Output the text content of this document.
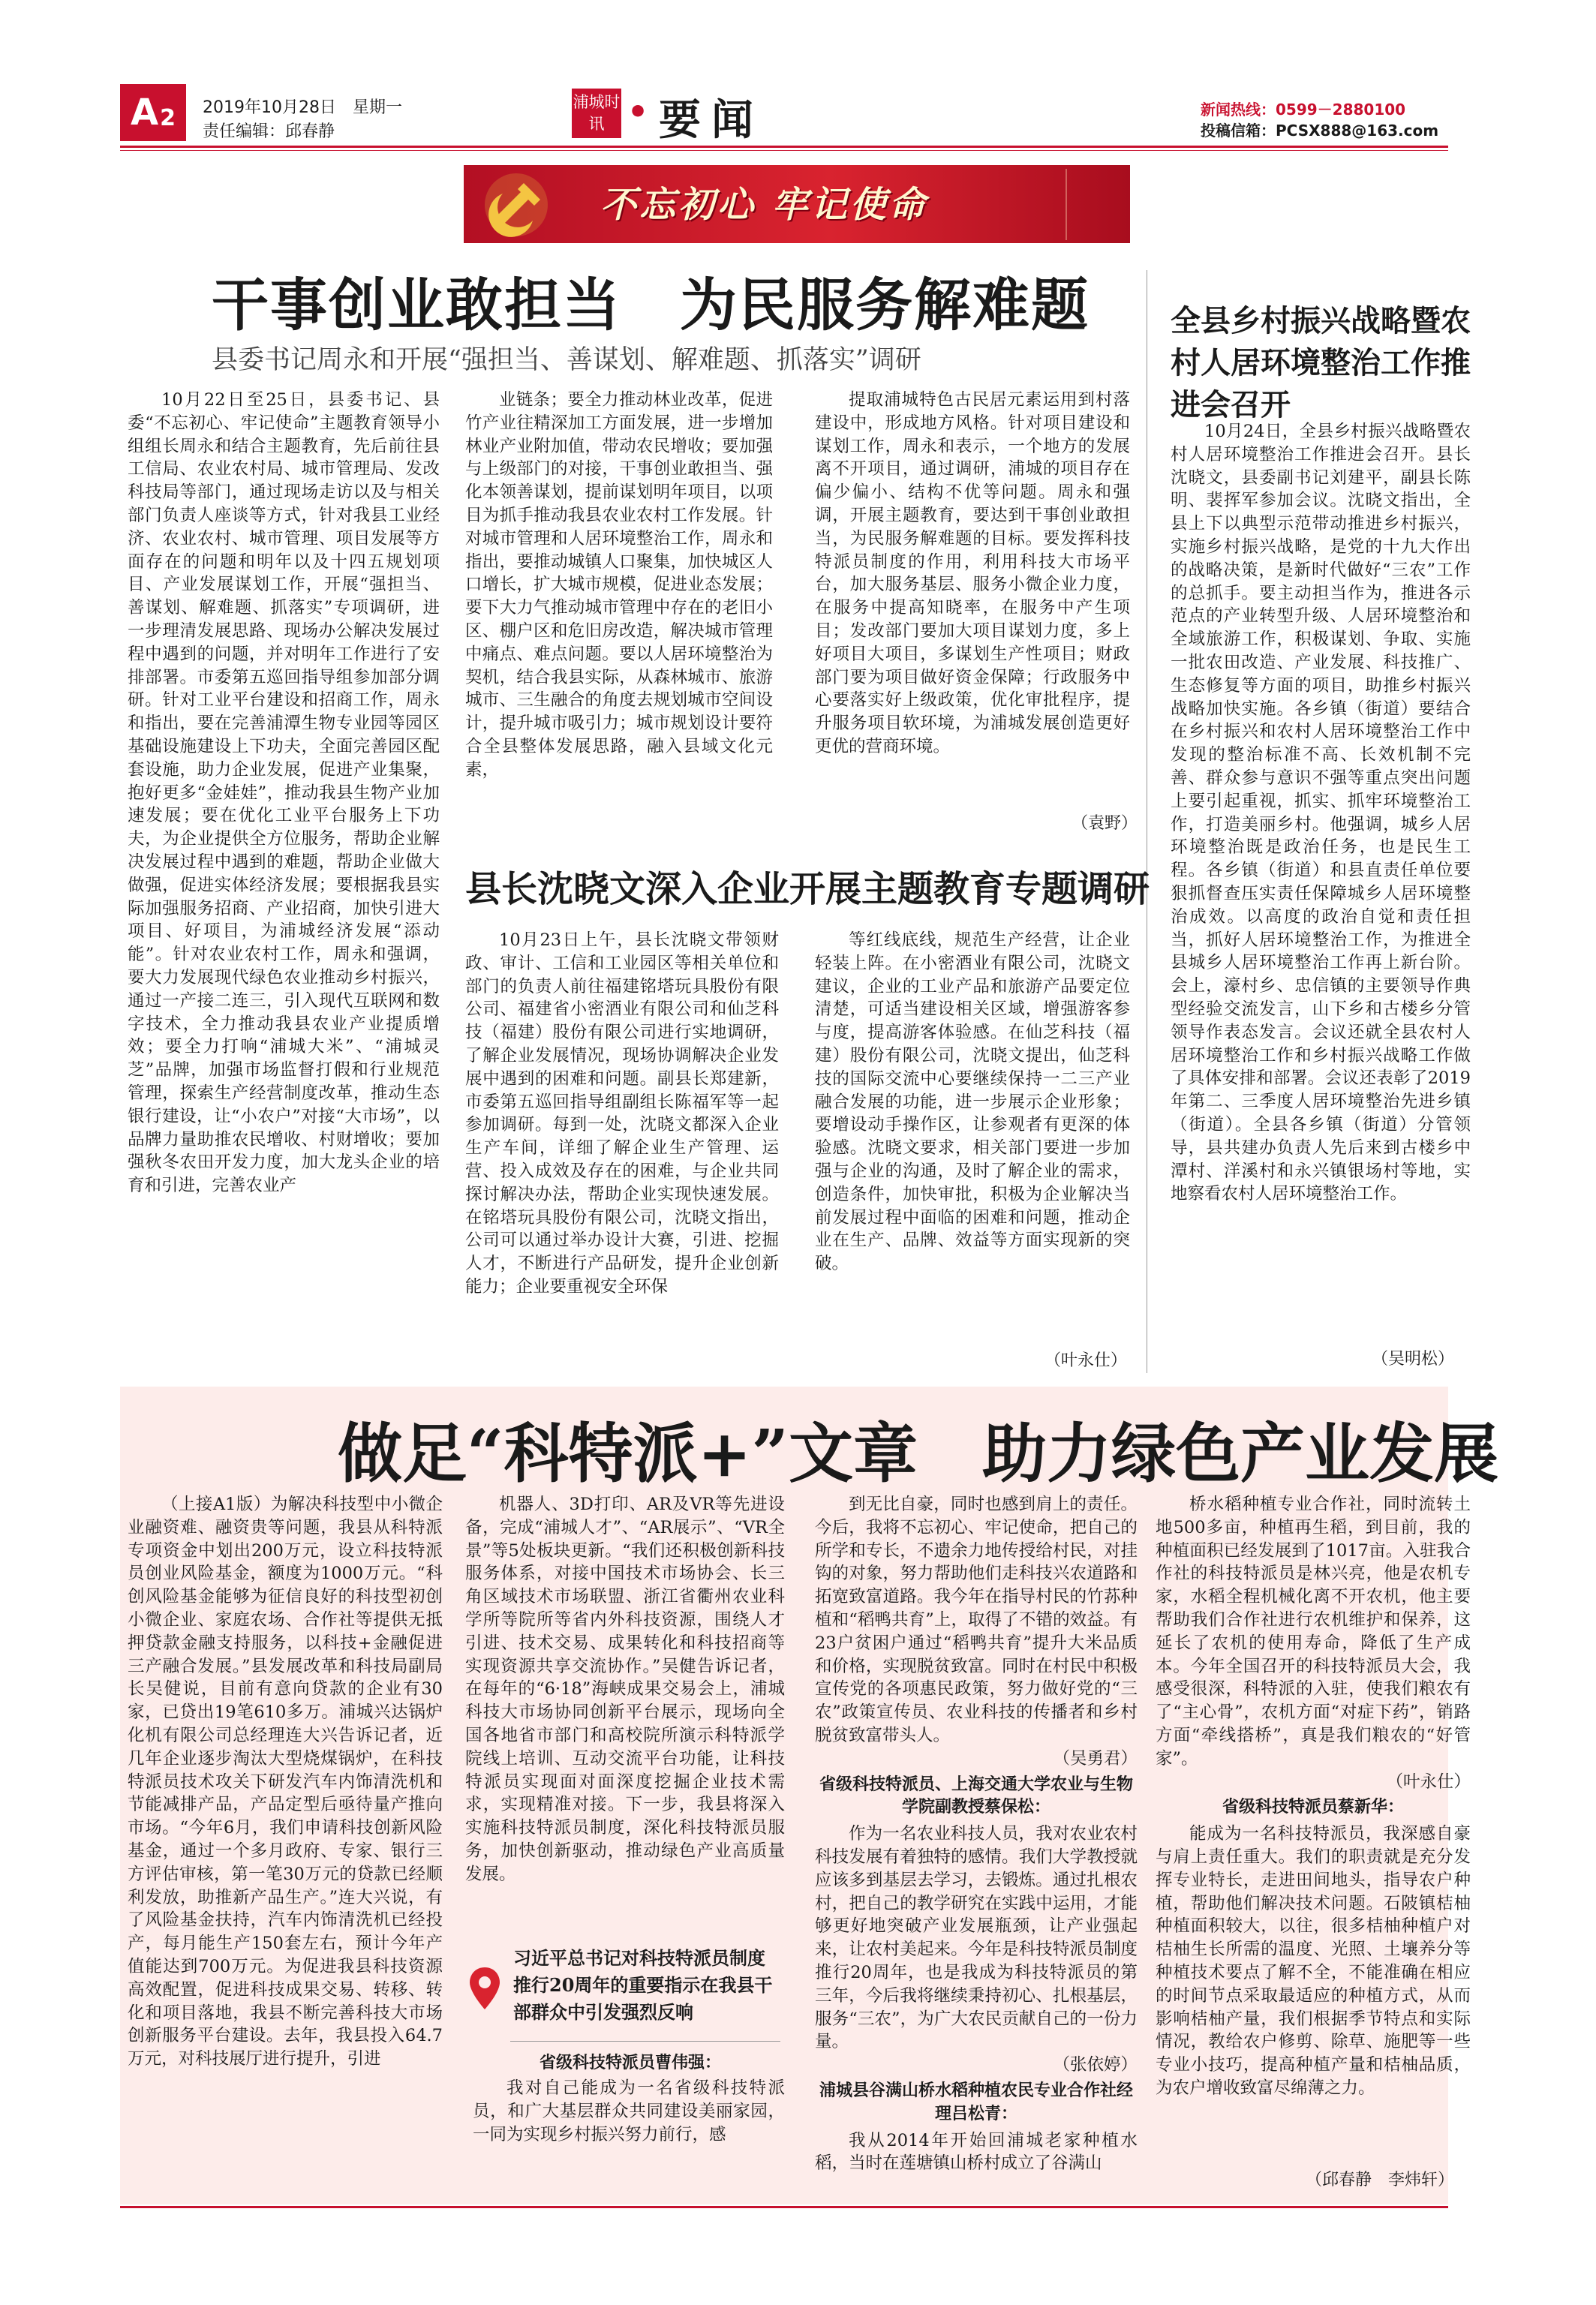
A 2 2019年10月28日　星期一
责任编辑：邱春静
浦城时讯 • 要闻	新闻热线：0599－2880100
投稿信箱：PCSX888@163.com
不忘初心 牢记使命
干事创业敢担当　为民服务解难题
县委书记周永和开展“强担当、善谋划、解难题、抓落实”调研

10月22日至25日，县委书记、县委“不忘初心、牢记使命”主题教育领导小组组长周永和结合主题教育，先后前往县工信局、农业农村局、城市管理局、发改科技局等部门，通过现场走访以及与相关部门负责人座谈等方式，针对我县工业经济、农业农村、城市管理、项目发展等方面存在的问题和明年以及十四五规划项目、产业发展谋划工作，开展“强担当、善谋划、解难题、抓落实”专项调研，进一步理清发展思路、现场办公解决发展过程中遇到的问题，并对明年工作进行了安排部署。市委第五巡回指导组参加部分调研。针对工业平台建设和招商工作，周永和指出，要在完善浦潭生物专业园等园区基础设施建设上下功夫，全面完善园区配套设施，助力企业发展，促进产业集聚，抱好更多“金娃娃”，推动我县生物产业加速发展；要在优化工业平台服务上下功夫，为企业提供全方位服务，帮助企业解决发展过程中遇到的难题，帮助企业做大做强，促进实体经济发展；要根据我县实际加强服务招商、产业招商，加快引进大项目、好项目，为浦城经济发展“添动能”。针对农业农村工作，周永和强调，要大力发展现代绿色农业推动乡村振兴，通过一产接二连三，引入现代互联网和数字技术，全力推动我县农业产业提质增效；要全力打响“浦城大米”、“浦城灵芝”品牌，加强市场监督打假和行业规范管理，探索生产经营制度改革，推动生态银行建设，让“小农户”对接“大市场”，以品牌力量助推农民增收、村财增收；要加强秋冬农田开发力度，加大龙头企业的培育和引进，完善农业产

业链条；要全力推动林业改革，促进竹产业往精深加工方面发展，进一步增加林业产业附加值，带动农民增收；要加强与上级部门的对接，干事创业敢担当、强化本领善谋划，提前谋划明年项目，以项目为抓手推动我县农业农村工作发展。针对城市管理和人居环境整治工作，周永和指出，要推动城镇人口聚集，加快城区人口增长，扩大城市规模，促进业态发展；要下大力气推动城市管理中存在的老旧小区、棚户区和危旧房改造，解决城市管理中痛点、难点问题。要以人居环境整治为契机，结合我县实际，从森林城市、旅游城市、三生融合的角度去规划城市空间设计，提升城市吸引力；城市规划设计要符合全县整体发展思路，融入县域文化元素，

提取浦城特色古民居元素运用到村落建设中，形成地方风格。针对项目建设和谋划工作，周永和表示，一个地方的发展离不开项目，通过调研，浦城的项目存在偏少偏小、结构不优等问题。周永和强调，开展主题教育，要达到干事创业敢担当，为民服务解难题的目标。要发挥科技特派员制度的作用，利用科技大市场平台，加大服务基层、服务小微企业力度，在服务中提高知晓率，在服务中产生项目；发改部门要加大项目谋划力度，多上好项目大项目，多谋划生产性项目；财政部门要为项目做好资金保障；行政服务中心要落实好上级政策，优化审批程序，提升服务项目软环境，为浦城发展创造更好更优的营商环境。

（袁野）
县长沈晓文深入企业开展主题教育专题调研

10月23日上午，县长沈晓文带领财政、审计、工信和工业园区等相关单位和部门的负责人前往福建铭塔玩具股份有限公司、福建省小密酒业有限公司和仙芝科技（福建）股份有限公司进行实地调研，了解企业发展情况，现场协调解决企业发展中遇到的困难和问题。副县长郑建新，市委第五巡回指导组副组长陈福军等一起参加调研。每到一处，沈晓文都深入企业生产车间，详细了解企业生产管理、运营、投入成效及存在的困难，与企业共同探讨解决办法，帮助企业实现快速发展。在铭塔玩具股份有限公司，沈晓文指出，公司可以通过举办设计大赛，引进、挖掘人才，不断进行产品研发，提升企业创新能力；企业要重视安全环保

等红线底线，规范生产经营，让企业轻装上阵。在小密酒业有限公司，沈晓文建议，企业的工业产品和旅游产品要定位清楚，可适当建设相关区域，增强游客参与度，提高游客体验感。在仙芝科技（福建）股份有限公司，沈晓文提出，仙芝科技的国际交流中心要继续保持一二三产业融合发展的功能，进一步展示企业形象；要增设动手操作区，让参观者有更深的体验感。沈晓文要求，相关部门要进一步加强与企业的沟通，及时了解企业的需求，创造条件，加快审批，积极为企业解决当前发展过程中面临的困难和问题，推动企业在生产、品牌、效益等方面实现新的突破。

（叶永仕）
全县乡村振兴战略暨农村人居环境整治工作推进会召开

10月24日，全县乡村振兴战略暨农村人居环境整治工作推进会召开。县长沈晓文，县委副书记刘建平，副县长陈明、裴挥军参加会议。沈晓文指出，全县上下以典型示范带动推进乡村振兴，实施乡村振兴战略，是党的十九大作出的战略决策，是新时代做好“三农”工作的总抓手。要主动担当作为，推进各示范点的产业转型升级、人居环境整治和全域旅游工作，积极谋划、争取、实施一批农田改造、产业发展、科技推广、生态修复等方面的项目，助推乡村振兴战略加快实施。各乡镇（街道）要结合在乡村振兴和农村人居环境整治工作中发现的整治标准不高、长效机制不完善、群众参与意识不强等重点突出问题上要引起重视，抓实、抓牢环境整治工作，打造美丽乡村。他强调，城乡人居环境整治既是政治任务，也是民生工程。各乡镇（街道）和县直责任单位要狠抓督查压实责任保障城乡人居环境整治成效。以高度的政治自觉和责任担当，抓好人居环境整治工作，为推进全县城乡人居环境整治工作再上新台阶。会上，濠村乡、忠信镇的主要领导作典型经验交流发言，山下乡和古楼乡分管领导作表态发言。会议还就全县农村人居环境整治工作和乡村振兴战略工作做了具体安排和部署。会议还表彰了2019年第二、三季度人居环境整治先进乡镇（街道）。全县各乡镇（街道）分管领导，县共建办负责人先后来到古楼乡中潭村、洋溪村和永兴镇银场村等地，实地察看农村人居环境整治工作。

（吴明松）
做足“科特派+”文章　助力绿色产业发展

（上接A1版）为解决科技型中小微企业融资难、融资贵等问题，我县从科特派专项资金中划出200万元，设立科技特派员创业风险基金，额度为1000万元。“科创风险基金能够为征信良好的科技型初创小微企业、家庭农场、合作社等提供无抵押贷款金融支持服务，以科技+金融促进三产融合发展。”县发展改革和科技局副局长吴健说，目前有意向贷款的企业有30家，已贷出19笔610多万。浦城兴达锅炉化机有限公司总经理连大兴告诉记者，近几年企业逐步淘汰大型烧煤锅炉，在科技特派员技术攻关下研发汽车内饰清洗机和节能减排产品，产品定型后亟待量产推向市场。“今年6月，我们申请科技创新风险基金，通过一个多月政府、专家、银行三方评估审核，第一笔30万元的贷款已经顺利发放，助推新产品生产。”连大兴说，有了风险基金扶持，汽车内饰清洗机已经投产，每月能生产150套左右，预计今年产值能达到700万元。为促进我县科技资源高效配置，促进科技成果交易、转移、转化和项目落地，我县不断完善科技大市场创新服务平台建设。去年，我县投入64.7万元，对科技展厅进行提升，引进

机器人、3D打印、AR及VR等先进设备，完成“浦城人才”、“AR展示”、“VR全景”等5处板块更新。“我们还积极创新科技服务体系，对接中国技术市场协会、长三角区域技术市场联盟、浙江省衢州农业科学所等院所等省内外科技资源，围绕人才引进、技术交易、成果转化和科技招商等实现资源共享交流协作。”吴健告诉记者，在每年的“6·18”海峡成果交易会上，浦城科技大市场协同创新平台展示，现场向全国各地省市部门和高校院所演示科特派学院线上培训、互动交流平台功能，让科技特派员实现面对面深度挖掘企业技术需求，实现精准对接。下一步，我县将深入实施科技特派员制度，深化科技特派员服务，加快创新驱动，推动绿色产业高质量发展。

到无比自豪，同时也感到肩上的责任。今后，我将不忘初心、牢记使命，把自己的所学和专长，不遗余力地传授给村民，对挂钩的对象，努力帮助他们走科技兴农道路和拓宽致富道路。我今年在指导村民的竹荪种植和“稻鸭共育”上，取得了不错的效益。有23户贫困户通过“稻鸭共育”提升大米品质和价格，实现脱贫致富。同时在村民中积极宣传党的各项惠民政策，努力做好党的“三农”政策宣传员、农业科技的传播者和乡村脱贫致富带头人。

（吴勇君）

省级科技特派员、上海交通大学农业与生物学院副教授蔡保松：

作为一名农业科技人员，我对农业农村科技发展有着独特的感情。我们大学教授就应该多到基层去学习，去锻炼。通过扎根农村，把自己的教学研究在实践中运用，才能够更好地突破产业发展瓶颈，让产业强起来，让农村美起来。今年是科技特派员制度推行20周年，也是我成为科技特派员的第三年，今后我将继续秉持初心、扎根基层，服务“三农”，为广大农民贡献自己的一份力量。

（张依婷）

浦城县谷满山桥水稻种植农民专业合作社经理吕松青：

我从2014年开始回浦城老家种植水稻，当时在莲塘镇山桥村成立了谷满山

桥水稻种植专业合作社，同时流转土地500多亩，种植再生稻，到目前，我的种植面积已经发展到了1017亩。入驻我合作社的科技特派员是林兴亮，他是农机专家，水稻全程机械化离不开农机，他主要帮助我们合作社进行农机维护和保养，这延长了农机的使用寿命，降低了生产成本。今年全国召开的科技特派员大会，我感受很深，科特派的入驻，使我们粮农有了“主心骨”，农机方面“对症下药”，销路方面“牵线搭桥”，真是我们粮农的“好管家”。

（叶永仕）

省级科技特派员蔡新华：

能成为一名科技特派员，我深感自豪与肩上责任重大。我们的职责就是充分发挥专业特长，走进田间地头，指导农户种植，帮助他们解决技术问题。石陂镇桔柚种植面积较大，以往，很多桔柚种植户对桔柚生长所需的温度、光照、土壤养分等种植技术要点了解不全，不能准确在相应的时间节点采取最适应的种植方式，从而影响桔柚产量，我们根据季节特点和实际情况，教给农户修剪、除草、施肥等一些专业小技巧，提高种植产量和桔柚品质，为农户增收致富尽绵薄之力。

（邱春静　李炜轩）
习近平总书记对科技特派员制度推行20周年的重要指示在我县干部群众中引发强烈反响
省级科技特派员曹伟强：

我对自己能成为一名省级科技特派员，和广大基层群众共同建设美丽家园，一同为实现乡村振兴努力前行，感
